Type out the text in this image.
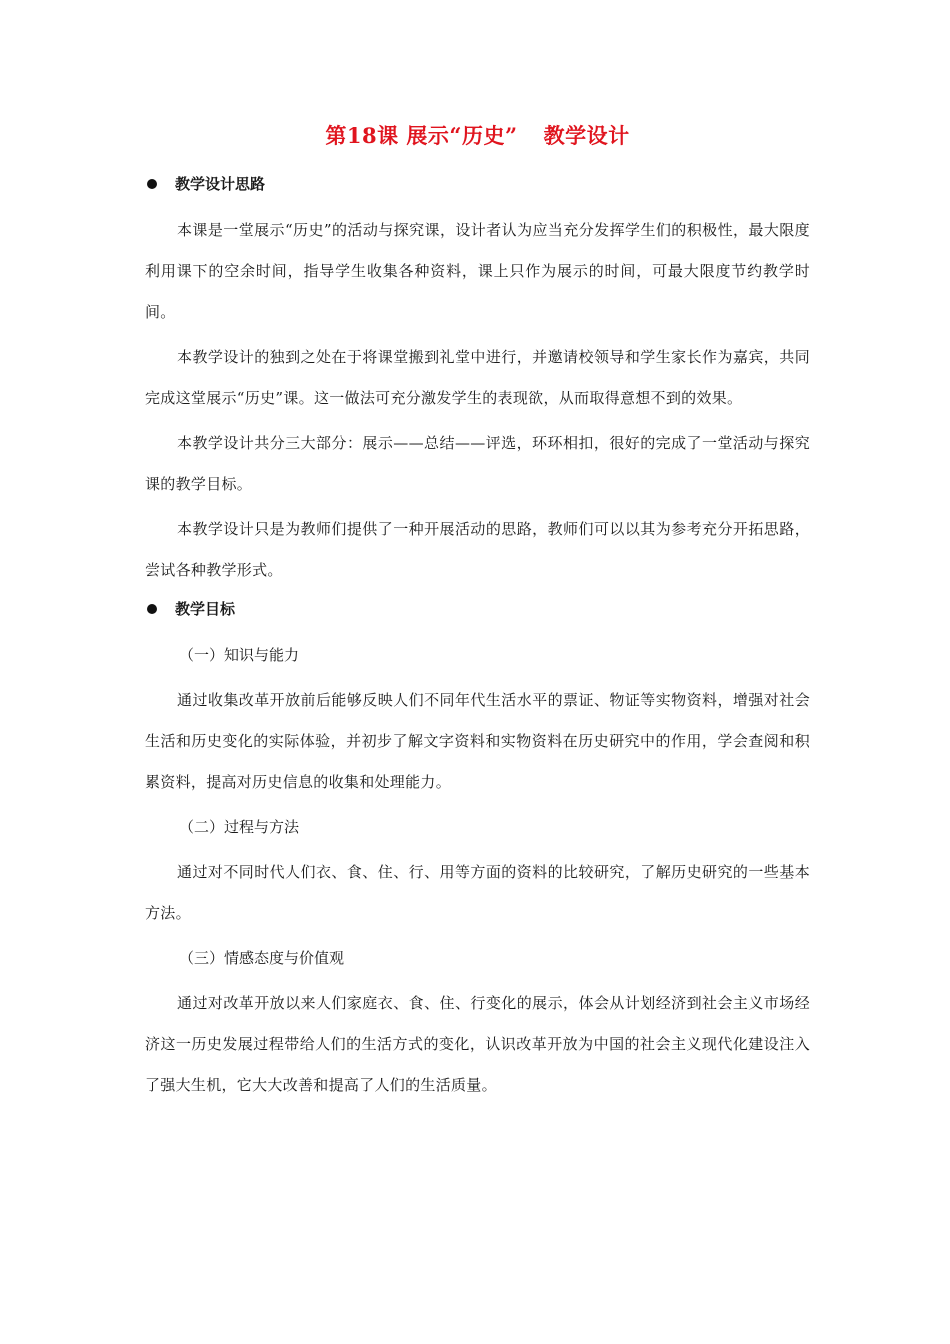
第18课 展示“历史” 教学设计
教学设计思路

本课是一堂展示“历史”的活动与探究课，设计者认为应当充分发挥学生们的积极性，最大限度利用课下的空余时间，指导学生收集各种资料，课上只作为展示的时间，可最大限度节约教学时间。

本教学设计的独到之处在于将课堂搬到礼堂中进行，并邀请校领导和学生家长作为嘉宾，共同完成这堂展示“历史”课。这一做法可充分激发学生的表现欲，从而取得意想不到的效果。

本教学设计共分三大部分：展示——总结——评选，环环相扣，很好的完成了一堂活动与探究课的教学目标。

本教学设计只是为教师们提供了一种开展活动的思路，教师们可以以其为参考充分开拓思路，尝试各种教学形式。

教学目标

（一）知识与能力

通过收集改革开放前后能够反映人们不同年代生活水平的票证、物证等实物资料，增强对社会生活和历史变化的实际体验，并初步了解文字资料和实物资料在历史研究中的作用，学会查阅和积累资料，提高对历史信息的收集和处理能力。

（二）过程与方法

通过对不同时代人们衣、食、住、行、用等方面的资料的比较研究，了解历史研究的一些基本方法。

（三）情感态度与价值观

通过对改革开放以来人们家庭衣、食、住、行变化的展示，体会从计划经济到社会主义市场经济这一历史发展过程带给人们的生活方式的变化，认识改革开放为中国的社会主义现代化建设注入了强大生机，它大大改善和提高了人们的生活质量。
